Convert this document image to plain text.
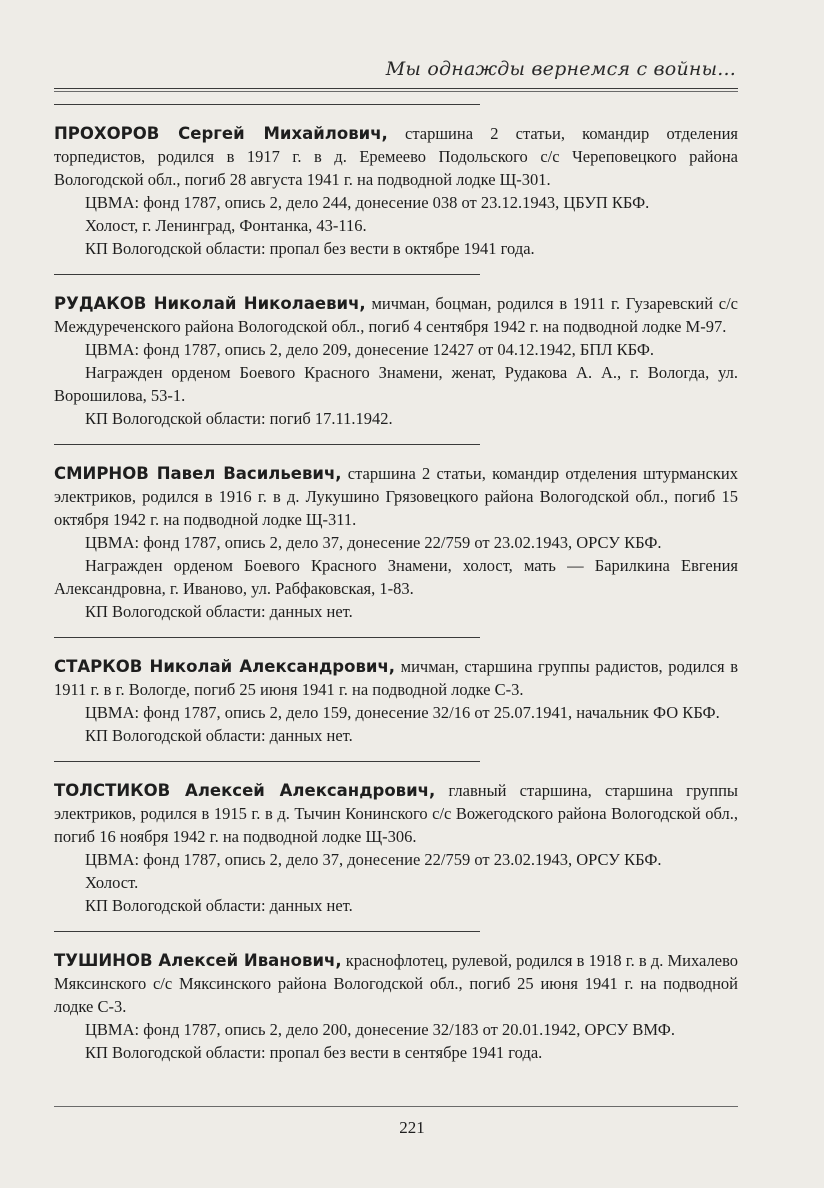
Мы однажды вернемся с войны...

ПРОХОРОВ Сергей Михайлович, старшина 2 статьи, командир отделения торпедистов, родился в 1917 г. в д. Еремеево Подольского с/с Череповецкого района Вологодской обл., погиб 28 августа 1941 г. на подводной лодке Щ-301.

ЦВМА: фонд 1787, опись 2, дело 244, донесение 038 от 23.12.1943, ЦБУП КБФ.

Холост, г. Ленинград, Фонтанка, 43-116.

КП Вологодской области: пропал без вести в октябре 1941 года.

РУДАКОВ Николай Николаевич, мичман, боцман, родился в 1911 г. Гузаревский с/с Междуреченского района Вологодской обл., погиб 4 сентября 1942 г. на подводной лодке М-97.

ЦВМА: фонд 1787, опись 2, дело 209, донесение 12427 от 04.12.1942, БПЛ КБФ.

Награжден орденом Боевого Красного Знамени, женат, Рудакова А. А., г. Вологда, ул. Ворошилова, 53-1.

КП Вологодской области: погиб 17.11.1942.

СМИРНОВ Павел Васильевич, старшина 2 статьи, командир отделения штурманских электриков, родился в 1916 г. в д. Лукушино Грязовецкого района Вологодской обл., погиб 15 октября 1942 г. на подводной лодке Щ-311.

ЦВМА: фонд 1787, опись 2, дело 37, донесение 22/759 от 23.02.1943, ОРСУ КБФ.

Награжден орденом Боевого Красного Знамени, холост, мать — Барилкина Евгения Александровна, г. Иваново, ул. Рабфаковская, 1-83.

КП Вологодской области: данных нет.

СТАРКОВ Николай Александрович, мичман, старшина группы радистов, родился в 1911 г. в г. Вологде, погиб 25 июня 1941 г. на подводной лодке С-3.

ЦВМА: фонд 1787, опись 2, дело 159, донесение 32/16 от 25.07.1941, начальник ФО КБФ.

КП Вологодской области: данных нет.

ТОЛСТИКОВ Алексей Александрович, главный старшина, старшина группы электриков, родился в 1915 г. в д. Тычин Конинского с/с Вожегодского района Вологодской обл., погиб 16 ноября 1942 г. на подводной лодке Щ-306.

ЦВМА: фонд 1787, опись 2, дело 37, донесение 22/759 от 23.02.1943, ОРСУ КБФ.

Холост.

КП Вологодской области: данных нет.

ТУШИНОВ Алексей Иванович, краснофлотец, рулевой, родился в 1918 г. в д. Михалево Мяксинского с/с Мяксинского района Вологодской обл., погиб 25 июня 1941 г. на подводной лодке С-3.

ЦВМА: фонд 1787, опись 2, дело 200, донесение 32/183 от 20.01.1942, ОРСУ ВМФ.

КП Вологодской области: пропал без вести в сентябре 1941 года.

221
